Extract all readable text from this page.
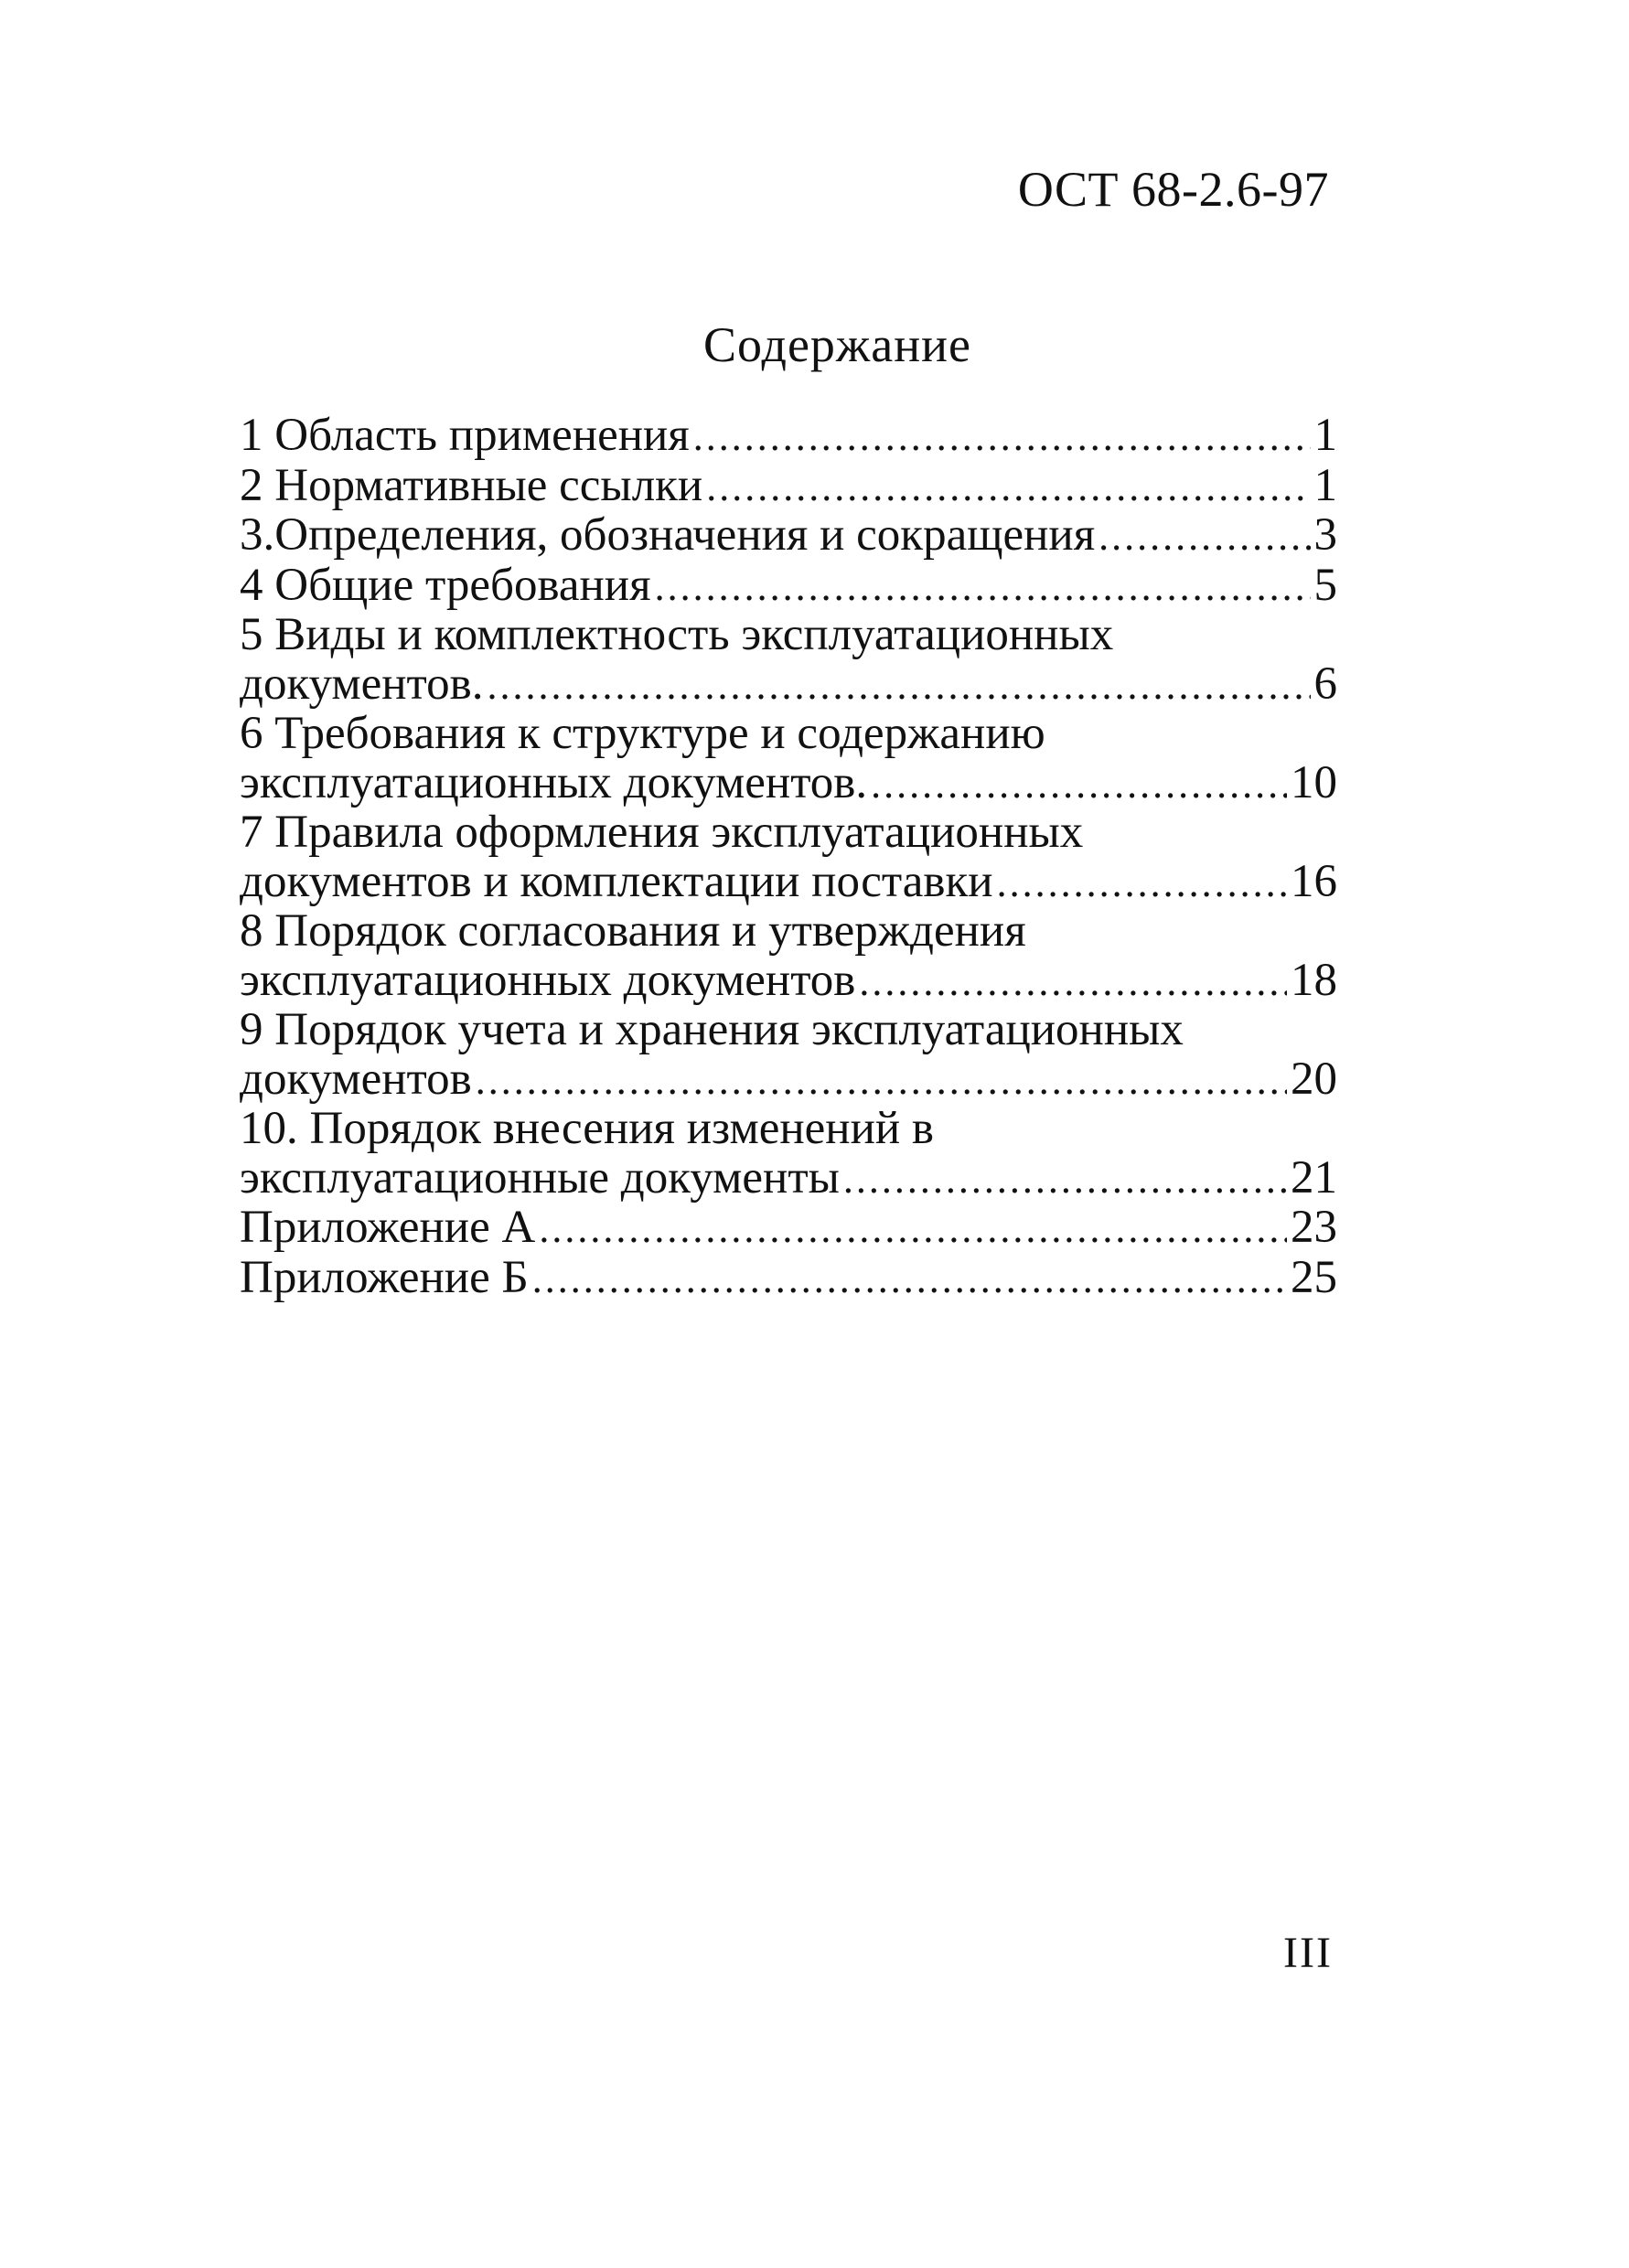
ОСТ 68-2.6-97
Содержание
1 Область применения .....	1
2 Нормативные ссылки .....	1
3.Определения, обозначения и сокращения .....	3
4 Общие требования .....	5
5 Виды и комплектность эксплуатационных
документов. .....	6
6 Требования к структуре и содержанию
эксплуатационных документов. .....	10
7 Правила оформления эксплуатационных
документов и комплектации поставки .....	16
8 Порядок согласования и утверждения
эксплуатационных документов .....	18
9 Порядок учета и хранения эксплуатационных
документов .....	20
10. Порядок внесения изменений в
эксплуатационные документы .....	21
Приложение А .....	23
Приложение Б .....	25
III
